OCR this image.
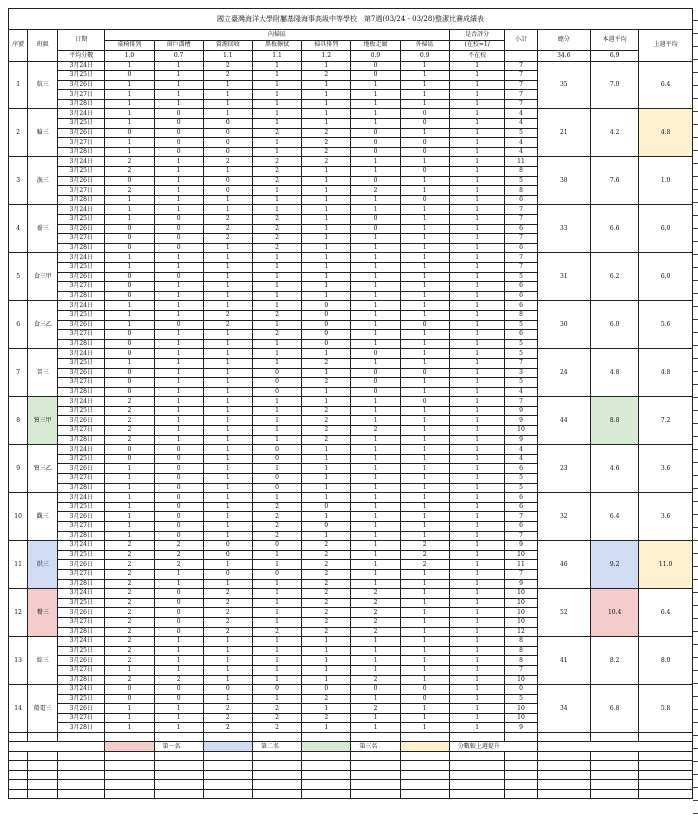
國立臺灣海洋大學附屬基隆海事高級中等學校　第7週(03/24 - 03/28)整潔比賽成績表														
序號	班級	日期	內掃區							是否評分	小計	總分	本週平均	上週平均
			桌椅排列	窗戶溝槽	資源回收	黑板擦拭	掃具排列	地板走廊	外掃區	(在校=1/				
		平均分數	1.0	0.7	1.1	1.1	1.2	0.9	0.9	不在校		34.6	6.9	
1	航三	3月24日	1	1	2	1	1	0	1	1	7	35	7.0	6.4
		3月25日	0	1	2	1	2	0	1	1	7			
		3月26日	1	1	1	1	1	1	1	1	7			
		3月27日	1	1	1	1	1	1	1	1	7			
		3月28日	1	1	1	1	1	1	1	1	7			
2	輪三	3月24日	1	0	1	1	1	1	0	1	4	21	4.2	4.8
		3月25日	1	0	0	1	1	1	0	1	4			
		3月26日	0	0	0	2	2	0	1	1	5			
		3月27日	1	0	0	1	2	0	0	1	4			
		3月28日	1	0	0	1	2	0	0	1	4			
3	漁三	3月24日	2	1	2	2	2	1	1	1	11	38	7.6	1.0
		3月25日	2	1	1	2	1	1	0	1	8			
		3月26日	0	1	0	2	1	0	1	1	5			
		3月27日	2	1	0	1	1	2	1	1	8			
		3月28日	1	1	1	1	1	1	0	1	6			
4	養三	3月24日	1	1	1	1	1	1	1	1	7	33	6.6	6.0
		3月25日	1	0	2	2	1	0	1	1	7			
		3月26日	0	0	2	2	1	0	1	1	6			
		3月27日	0	0	2	2	1	1	1	1	7			
		3月28日	0	0	1	2	1	1	1	1	6			
5	食三甲	3月24日	1	1	1	1	1	1	1	1	7	31	6.2	6.0
		3月25日	1	1	1	1	1	1	1	1	7			
		3月26日	0	0	1	1	1	1	1	1	5			
		3月27日	0	1	1	1	1	1	1	1	6			
		3月28日	0	1	1	1	1	1	1	1	6			
6	食三乙	3月24日	1	1	1	1	0	1	1	1	6	30	6.0	5.6
		3月25日	1	1	2	2	0	1	1	1	8			
		3月26日	1	0	2	1	0	1	0	1	5			
		3月27日	0	1	1	2	0	1	1	1	6			
		3月28日	0	1	1	1	0	1	1	1	5			
7	晉三	3月24日	0	1	1	1	1	0	1	1	5	24	4.8	4.8
		3月25日	1	1	1	1	2	1	1	1	7			
		3月26日	0	1	1	0	1	0	0	1	3			
		3月27日	0	1	1	0	2	0	1	1	5			
		3月28日	0	1	1	0	1	0	1	1	4			
8	貿三甲	3月24日	2	1	1	1	1	1	0	1	7	44	8.8	7.2
		3月25日	2	1	1	1	2	1	1	1	9			
		3月26日	2	1	1	1	2	1	1	1	9			
		3月27日	2	1	1	1	2	2	1	1	10			
		3月28日	2	1	1	1	2	1	1	1	9			
9	貿三乙	3月24日	0	0	1	0	1	1	1	1	4	23	4.6	3.6
		3月25日	0	0	1	0	1	1	1	1	4			
		3月26日	1	0	1	1	1	1	1	1	6			
		3月27日	1	0	1	0	1	1	1	1	5			
		3月28日	1	0	1	0	1	1	1	1	5			
10	觀三	3月24日	1	0	1	1	1	1	1	1	6	32	6.4	3.6
		3月25日	1	0	1	2	0	1	1	1	6			
		3月26日	1	0	1	2	1	1	1	1	7			
		3月27日	1	0	1	2	0	1	1	1	6			
		3月28日	1	0	1	2	1	1	1	1	7			
11	烘三	3月24日	2	2	0	0	2	1	2	1	9	46	9.2	11.0
		3月25日	2	2	0	1	2	1	2	1	10			
		3月26日	2	2	1	1	2	1	2	1	11			
		3月27日	2	1	0	0	2	1	1	1	7			
		3月28日	2	1	1	1	2	1	1	1	9			
12	餐三	3月24日	2	0	2	1	2	2	1	1	10	52	10.4	6.4
		3月25日	2	0	2	1	2	2	1	1	10			
		3月26日	2	0	2	1	2	2	1	1	10			
		3月27日	2	0	2	1	2	2	1	1	10			
		3月28日	2	0	2	2	2	2	1	1	12			
13	綜三	3月24日	2	1	1	1	1	1	1	1	8	41	8.2	8.0
		3月25日	2	1	1	1	1	1	1	1	8			
		3月26日	2	1	1	1	1	1	1	1	8			
		3月27日	1	1	1	1	1	1	1	1	7			
		3月28日	2	2	1	1	1	2	1	1	10			
14	船電三	3月24日	0	0	0	0	0	0	0	1	0	34	6.8	5.8
		3月25日	0	0	1	1	2	1	0	1	5			
		3月26日	1	1	2	2	1	2	1	1	10			
		3月27日	1	1	2	2	2	1	1	1	10			
		3月28日	1	1	2	2	1	1	1	1	9			

				第一名		第二名		第三名		分數較上週提升				
